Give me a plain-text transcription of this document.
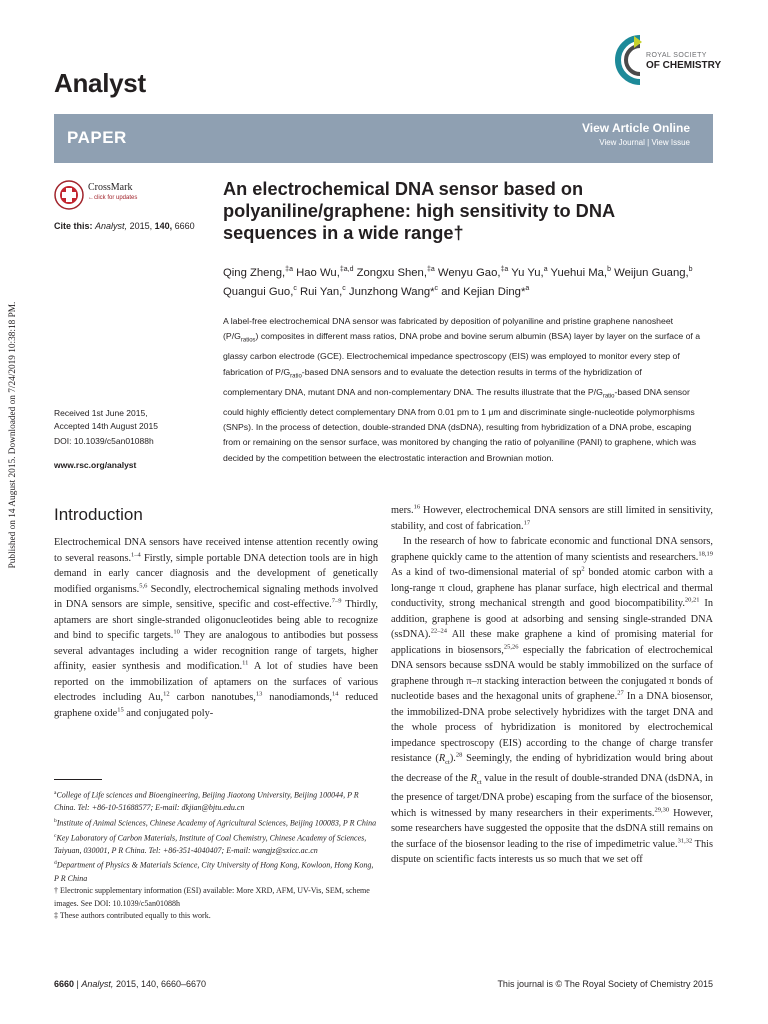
Published on 14 August 2015. Downloaded on 7/24/2019 10:38:18 PM.
Analyst
ROYAL SOCIETY
OF CHEMISTRY
PAPER	View Article Online
View Journal | View Issue
CrossMark
←click for updates
Cite this: Analyst, 2015, 140, 6660
An electrochemical DNA sensor based on polyaniline/graphene: high sensitivity to DNA sequences in a wide range†
Qing Zheng,$^{\ddagger a}$ Hao Wu,$^{\ddagger a,d}$ Zongxu Shen,$^{\ddagger a}$ Wenyu Gao,$^{\ddagger a}$ Yu Yu,$^a$ Yuehui Ma,$^b$ Weijun Guang,$^b$ Quangui Guo,$^c$ Rui Yan,$^c$ Junzhong Wang*$^c$ and Kejian Ding*$^a$
A label-free electrochemical DNA sensor was fabricated by deposition of polyaniline and pristine graphene nanosheet $(P/G_{ratios})$ composites in different mass ratios, DNA probe and bovine serum albumin (BSA) layer by layer on the surface of a glassy carbon electrode (GCE). Electrochemical impedance spectroscopy (EIS) was employed to monitor every step of fabrication of $P/G_{ratio}$-based DNA sensors and to evaluate the detection results in terms of the hybridization of complementary DNA, mutant DNA and non-complementary DNA. The results illustrate that the $P/G_{ratio}$-based DNA sensor could highly efficiently detect complementary DNA from 0.01 pm to 1 μm and discriminate single-nucleotide polymorphisms (SNPs). In the process of detection, double-stranded DNA (dsDNA), resulting from hybridization of a DNA probe, escaping from or remaining on the sensor surface, was monitored by changing the ratio of polyaniline (PANI) to graphene, which was decided by the competition between the electrostatic interaction and Brownian motion.
Received 1st June 2015,
Accepted 14th August 2015
DOI: 10.1039/c5an01088h
www.rsc.org/analyst
Introduction

Electrochemical DNA sensors have received intense attention recently owing to several reasons.$^{1-4}$ Firstly, simple portable DNA detection tools are in high demand in early cancer diagnosis and the development of genetically modified organisms.$^{5,6}$ Secondly, electrochemical signaling methods involved in DNA sensors are simple, sensitive, specific and cost-effective.$^{7-9}$ Thirdly, aptamers are short single-stranded oligonucleotides being able to recognize and bind to specific targets.$^{10}$ They are analogous to antibodies but possess several advantages including a wider recognition range of targets, higher affinity, easier synthesis and modification.$^{11}$ A lot of studies have been reported on the immobilization of aptamers on the surfaces of various electrodes including Au,$^{12}$ carbon nanotubes,$^{13}$ nanodiamonds,$^{14}$ reduced graphene oxide$^{15}$ and conjugated poly-

mers.$^{16}$ However, electrochemical DNA sensors are still limited in sensitivity, stability, and cost of fabrication.$^{17}$

In the research of how to fabricate economic and functional DNA sensors, graphene quickly came to the attention of many scientists and researchers.$^{18,19}$ As a kind of two-dimensional material of $sp^2$ bonded atomic carbon with a long-range π cloud, graphene has planar surface, high electrical and thermal conductivity, strong mechanical strength and good biocompatibility.$^{20,21}$ In addition, graphene is good at adsorbing and sensing single-stranded DNA (ssDNA).$^{22-24}$ All these make graphene a kind of promising material for applications in biosensors,$^{25,26}$ especially the fabrication of electrochemical DNA sensors because ssDNA would be stably immobilized on the surface of graphene through π–π stacking interaction between the conjugated π bonds of nucleotide bases and the hexagonal units of graphene.$^{27}$ In a DNA biosensor, the immobilized-DNA probe selectively hybridizes with the target DNA and the whole process of hybridization is monitored by electrochemical impedance spectroscopy (EIS) according to the change of charge transfer resistance $(R_{ct}).^{28}$ Seemingly, the ending of hybridization would bring about the decrease of the $R_{ct}$ value in the result of double-stranded DNA (dsDNA, in the presence of target/DNA probe) escaping from the surface of the biosensor, which is witnessed by many researchers in their experiments.$^{29,30}$ However, some researchers have suggested the opposite that the dsDNA still remains on the surface of the biosensor leading to the rise of impedimetric value.$^{31,32}$ This dispute on scientific facts interests us so much that we set off

$^a$College of Life sciences and Bioengineering, Beijing Jiaotong University, Beijing 100044, P R China. Tel: +86-10-51688577; E-mail: dkjian@bjtu.edu.cn
$^b$Institute of Animal Sciences, Chinese Academy of Agricultural Sciences, Beijing 100083, P R China
$^c$Key Laboratory of Carbon Materials, Institute of Coal Chemistry, Chinese Academy of Sciences, Taiyuan, 030001, P R China. Tel: +86-351-4040407; E-mail: wangjz@sxicc.ac.cn
$^d$Department of Physics & Materials Science, City University of Hong Kong, Kowloon, Hong Kong, P R China
† Electronic supplementary information (ESI) available: More XRD, AFM, UV-Vis, SEM, scheme images. See DOI: 10.1039/c5an01088h
‡ These authors contributed equally to this work.
6660 | Analyst, 2015, 140, 6660–6670	This journal is © The Royal Society of Chemistry 2015
